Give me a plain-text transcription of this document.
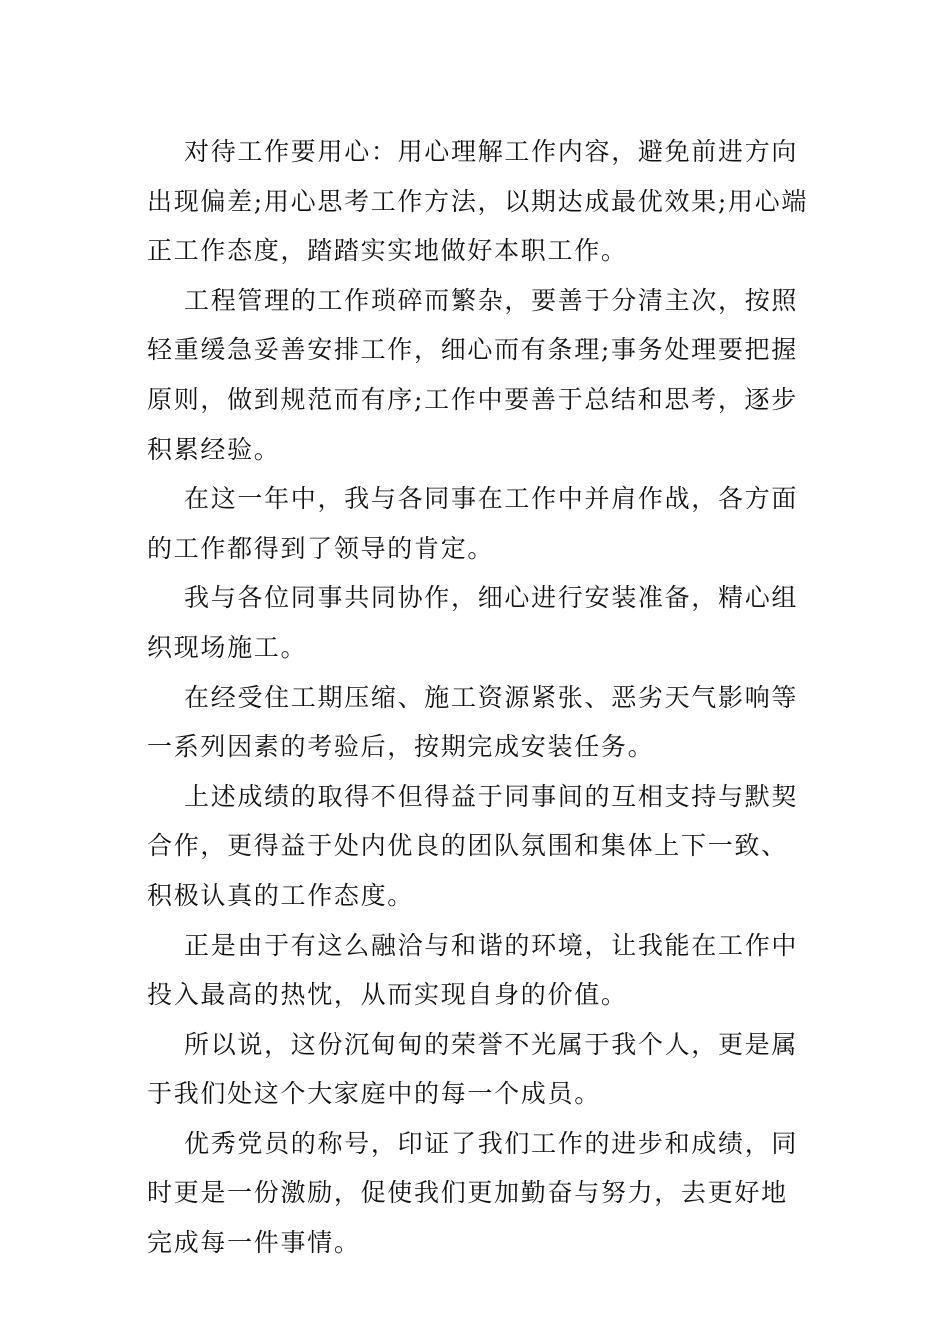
对待工作要用心：用心理解工作内容，避免前进方向出现偏差;用心思考工作方法，以期达成最优效果;用心端正工作态度，踏踏实实地做好本职工作。

工程管理的工作琐碎而繁杂，要善于分清主次，按照轻重缓急妥善安排工作，细心而有条理;事务处理要把握原则，做到规范而有序;工作中要善于总结和思考，逐步积累经验。

在这一年中，我与各同事在工作中并肩作战，各方面的工作都得到了领导的肯定。

我与各位同事共同协作，细心进行安装准备，精心组织现场施工。

在经受住工期压缩、施工资源紧张、恶劣天气影响等一系列因素的考验后，按期完成安装任务。

上述成绩的取得不但得益于同事间的互相支持与默契合作，更得益于处内优良的团队氛围和集体上下一致、积极认真的工作态度。

正是由于有这么融洽与和谐的环境，让我能在工作中投入最高的热忱，从而实现自身的价值。

所以说，这份沉甸甸的荣誉不光属于我个人，更是属于我们处这个大家庭中的每一个成员。

优秀党员的称号，印证了我们工作的进步和成绩，同时更是一份激励，促使我们更加勤奋与努力，去更好地完成每一件事情。
